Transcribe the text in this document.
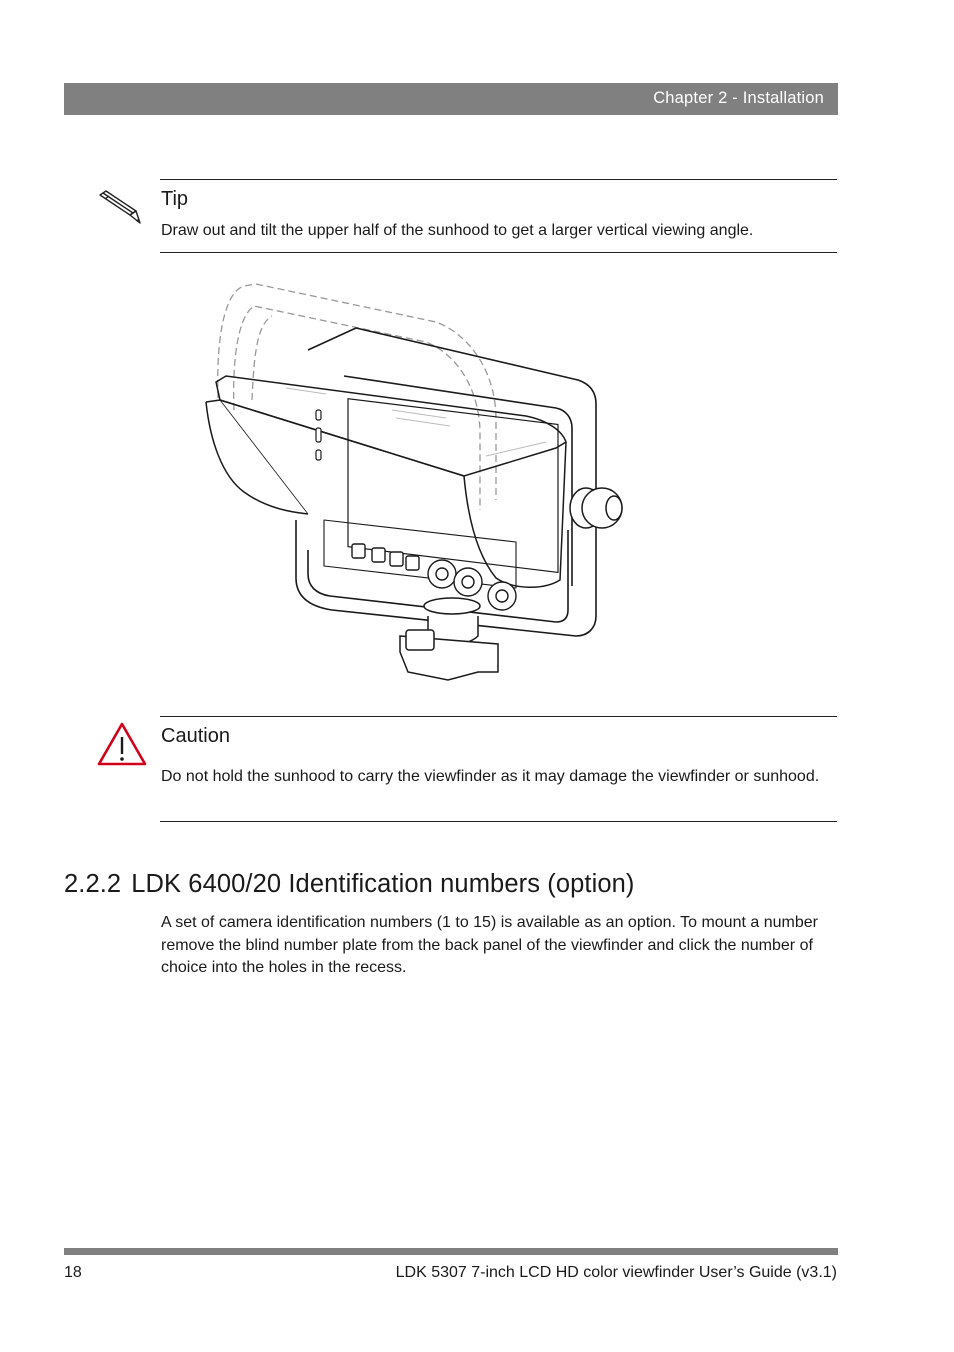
Chapter 2 - Installation
Tip
Draw out and tilt the upper half of the sunhood to get a larger vertical viewing angle.
Caution
Do not hold the sunhood to carry the viewfinder as it may damage the viewfinder or sunhood.
2.2.2 LDK 6400/20 Identification numbers (option)
A set of camera identification numbers (1 to 15) is available as an option. To mount a number remove the blind number plate from the back panel of the viewfinder and click the number of choice into the holes in the recess.
18	LDK 5307 7-inch LCD HD color viewfinder User’s Guide (v3.1)
